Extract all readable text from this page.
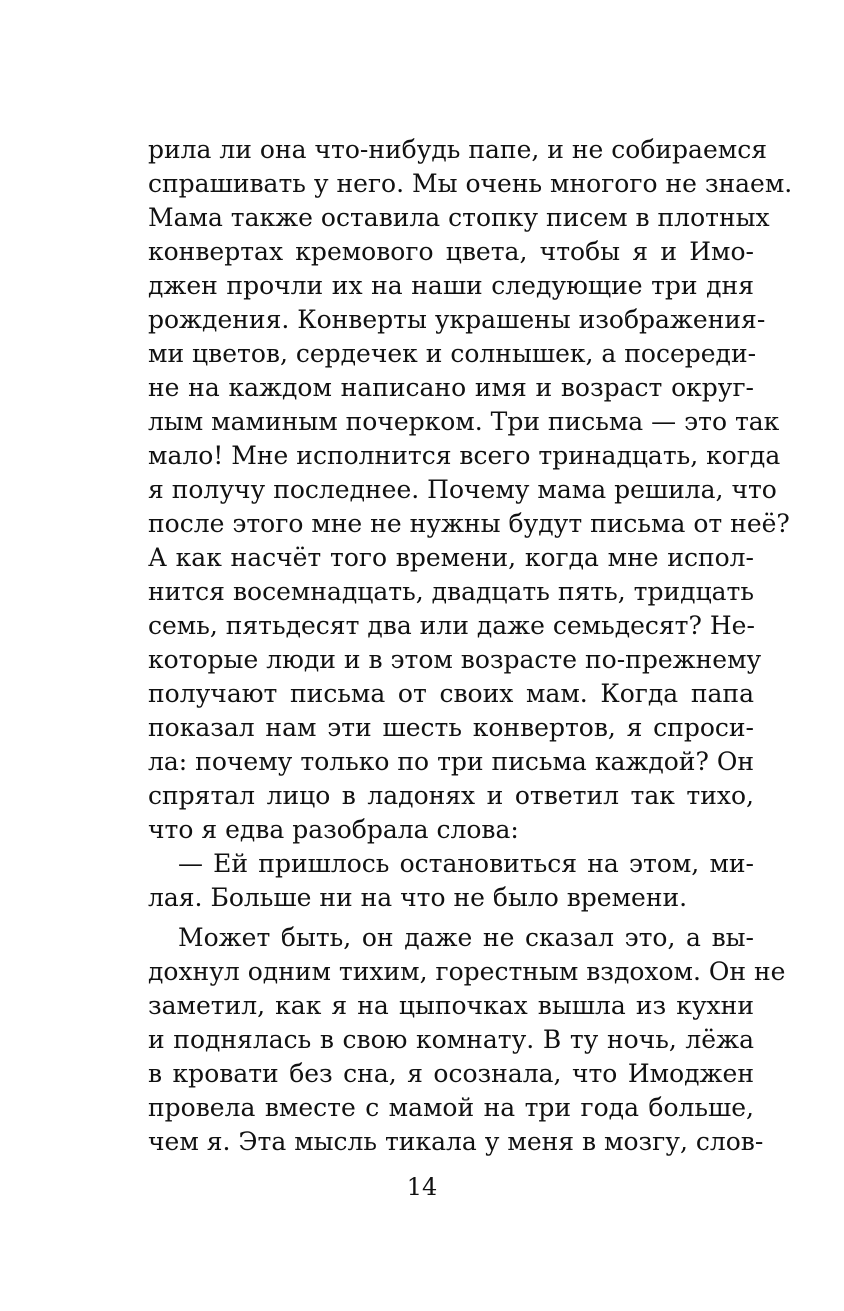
рила ли она что-нибудь папе, и не собираемся
спрашивать у него. Мы очень многого не знаем.
Мама также оставила стопку писем в плотных
конвертах кремового цвета, чтобы я и Имо-
джен прочли их на наши следующие три дня
рождения. Конверты украшены изображения-
ми цветов, сердечек и солнышек, а посереди-
не на каждом написано имя и возраст округ-
лым маминым почерком. Три письма — это так
мало! Мне исполнится всего тринадцать, когда
я получу последнее. Почему мама решила, что
после этого мне не нужны будут письма от неё?
А как насчёт того времени, когда мне испол-
нится восемнадцать, двадцать пять, тридцать
семь, пятьдесят два или даже семьдесят? Не-
которые люди и в этом возрасте по-прежнему
получают письма от своих мам. Когда папа
показал нам эти шесть конвертов, я спроси-
ла: почему только по три письма каждой? Он
спрятал лицо в ладонях и ответил так тихо,
что я едва разобрала слова:
— Ей пришлось остановиться на этом, ми-
лая. Больше ни на что не было времени.
Может быть, он даже не сказал это, а вы-
дохнул одним тихим, горестным вздохом. Он не
заметил, как я на цыпочках вышла из кухни
и поднялась в свою комнату. В ту ночь, лёжа
в кровати без сна, я осознала, что Имоджен
провела вместе с мамой на три года больше,
чем я. Эта мысль тикала у меня в мозгу, слов-
14
